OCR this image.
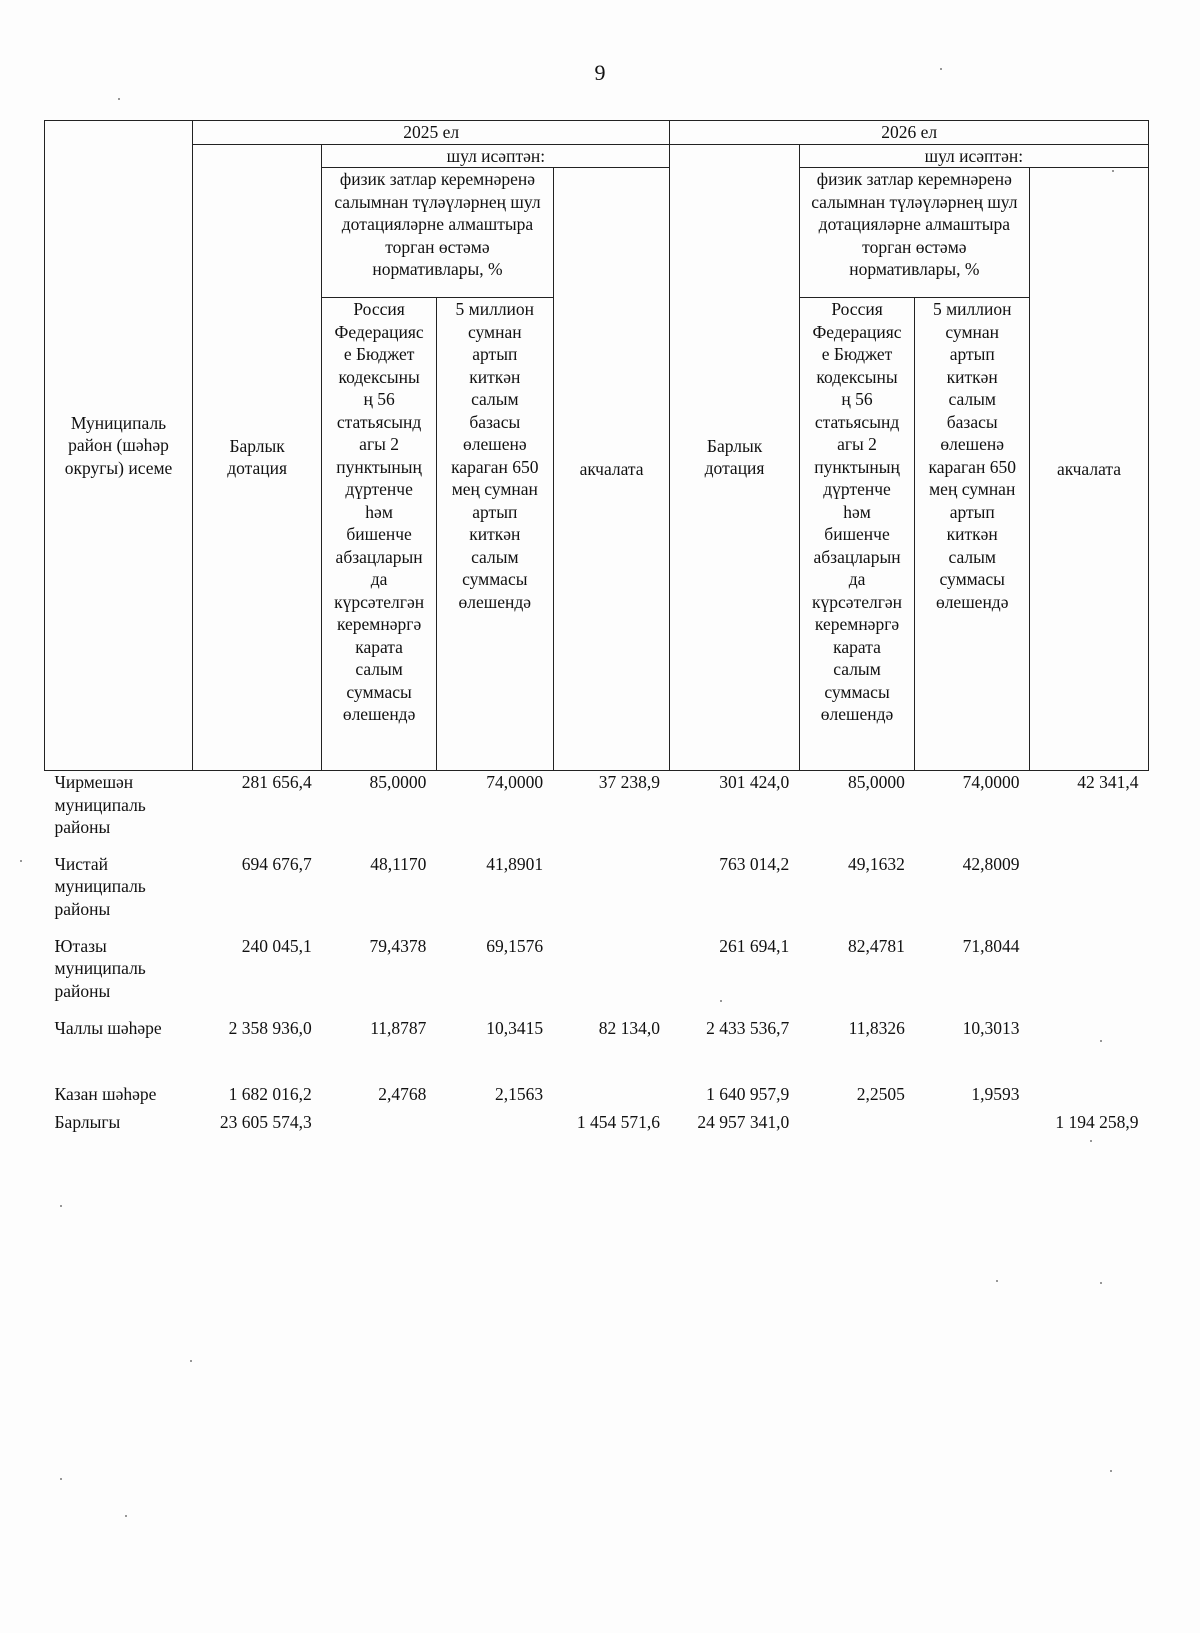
9
Муниципаль район (шәһәр округы) исеме	2025 ел				2026 ел			
	Барлык дотация	шул исәптән:			Барлык дотация	шул исәптән:		
		физик затлар керемнәренә салымнан түләүләрнең шул дотацияләрне алмаштыра торган өстәмә нормативлары, %		акчалата		физик затлар керемнәренә салымнан түләүләрнең шул дотацияләрне алмаштыра торган өстәмә нормативлары, %		акчалата
		Россия Федерациясе Бюджет кодексының 56 статьясындагы 2 пунктының дүртенче һәм бишенче абзацларында күрсәтелгән керемнәргә карата салым суммасы өлешендә	5 миллион сумнан артып киткән салым базасы өлешенә караган 650 мең сумнан артып киткән салым суммасы өлешендә			Россия Федерациясе Бюджет кодексының 56 статьясындагы 2 пунктының дүртенче һәм бишенче абзацларында күрсәтелгән керемнәргә карата салым суммасы өлешендә	5 миллион сумнан артып киткән салым базасы өлешенә караган 650 мең сумнан артып киткән салым суммасы өлешендә	
Чирмешән муниципаль районы	281 656,4	85,0000	74,0000	37 238,9	301 424,0	85,0000	74,0000	42 341,4
Чистай муниципаль районы	694 676,7	48,1170	41,8901		763 014,2	49,1632	42,8009	
Ютазы муниципаль районы	240 045,1	79,4378	69,1576		261 694,1	82,4781	71,8044	
Чаллы шәһәре	2 358 936,0	11,8787	10,3415	82 134,0	2 433 536,7	11,8326	10,3013	
Казан шәһәре	1 682 016,2	2,4768	2,1563		1 640 957,9	2,2505	1,9593	
Барлыгы	23 605 574,3			1 454 571,6	24 957 341,0			1 194 258,9
